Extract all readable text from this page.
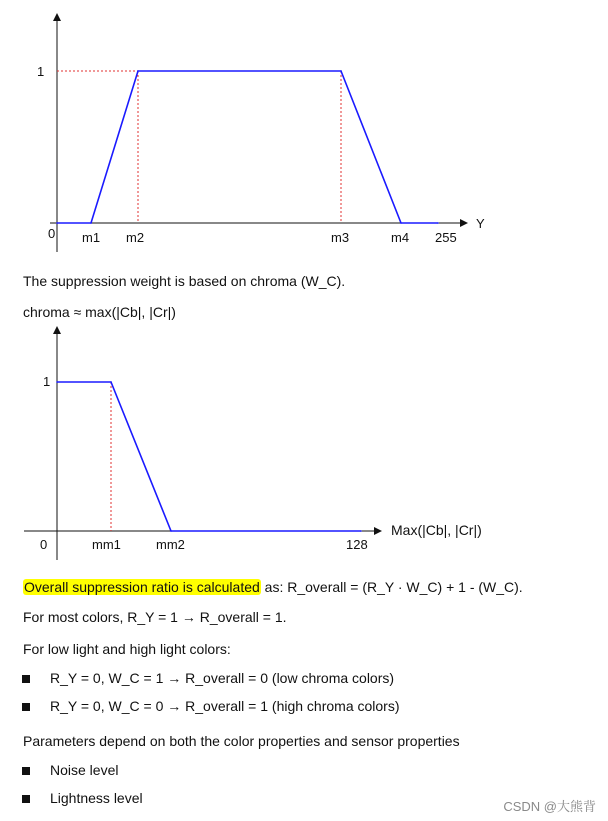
1
0 m1 m2	m3	m4 255
Y
The suppression weight is based on chroma (W_C).
chroma ≈ max(|Cb|, |Cr|)
1
0	mm1	mm2	128
Max(|Cb|, |Cr|)
Overall suppression ratio is calculated as: R_overall = (R_Y · W_C) + 1 - (W_C).
For most colors, R_Y = 1 → R_overall = 1.
For low light and high light colors:
R_Y = 0, W_C = 1 → R_overall = 0 (low chroma colors)
R_Y = 0, W_C = 0 → R_overall = 1 (high chroma colors)
Parameters depend on both the color properties and sensor properties
Noise level
Lightness level
CSDN @大熊背
